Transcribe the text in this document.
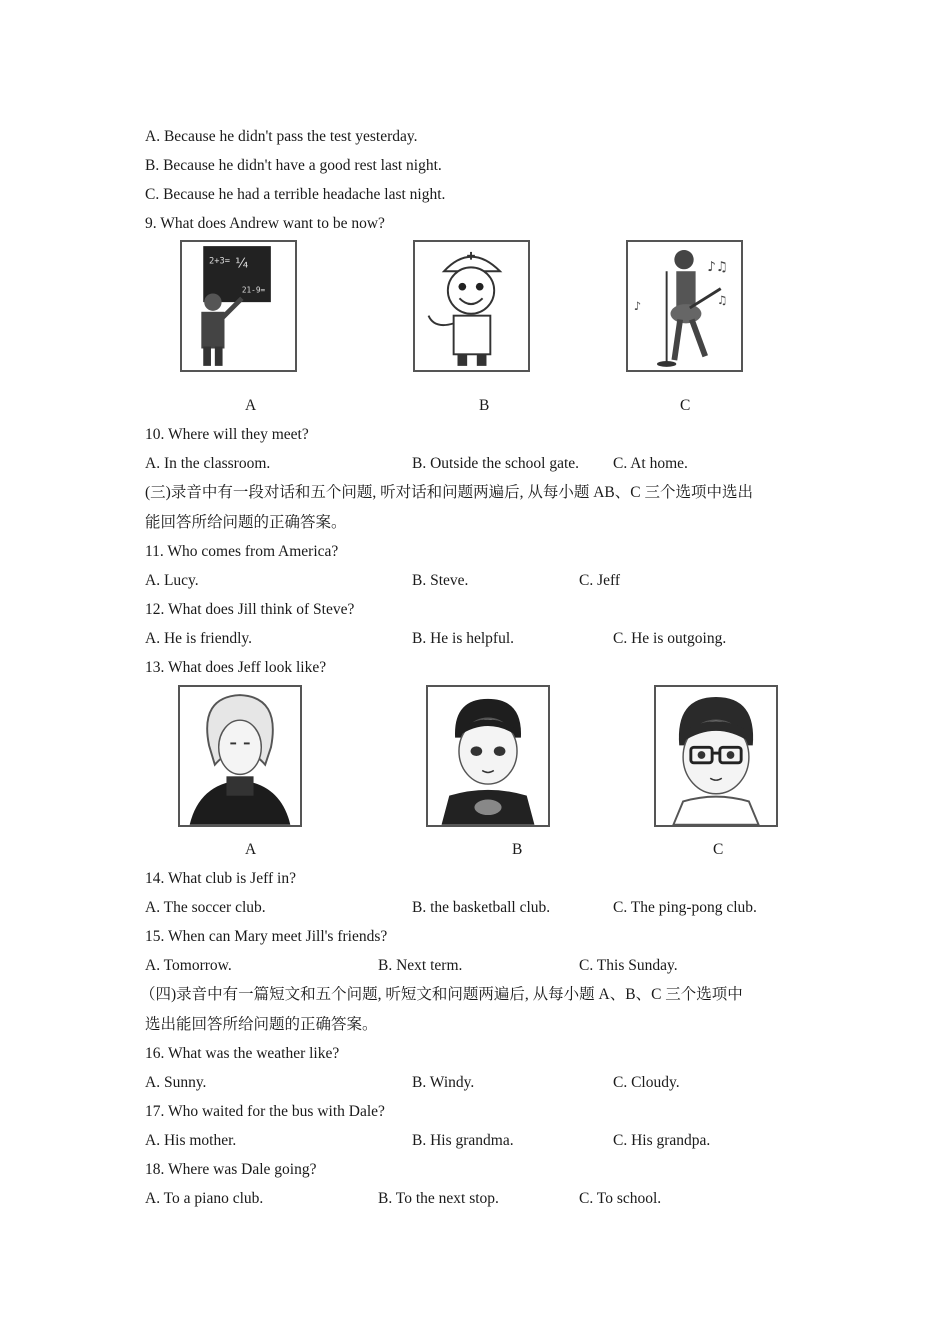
A. Because he didn't pass the test yesterday.
B. Because he didn't have a good rest last night.
C. Because he had a terrible headache last night.
9. What does Andrew want to be now?
2+3= ¼
21-9=
♪♫
♪	♫
A	B	C
10. Where will they meet?
A. In the classroom.	B. Outside the school gate. C. At home.
(三)录音中有一段对话和五个问题, 听对话和问题两遍后, 从每小题 AB、C 三个选项中选出
能回答所给问题的正确答案。
11. Who comes from America?
A. Lucy.	B. Steve.	C. Jeff
12. What does Jill think of Steve?
A. He is friendly.	B. He is helpful.	C. He is outgoing.
13. What does Jeff look like?
A	B	C
14. What club is Jeff in?
A. The soccer club.	B. the basketball club.	C. The ping-pong club.
15. When can Mary meet Jill's friends?
A. Tomorrow.	B. Next term.	C. This Sunday.
（四)录音中有一篇短文和五个问题, 听短文和问题两遍后, 从每小题 A、B、C 三个选项中
选出能回答所给问题的正确答案。
16. What was the weather like?
A. Sunny.	B. Windy.	C. Cloudy.
17. Who waited for the bus with Dale?
A. His mother.	B. His grandma.	C. His grandpa.
18. Where was Dale going?
A. To a piano club.	B. To the next stop.	C. To school.
